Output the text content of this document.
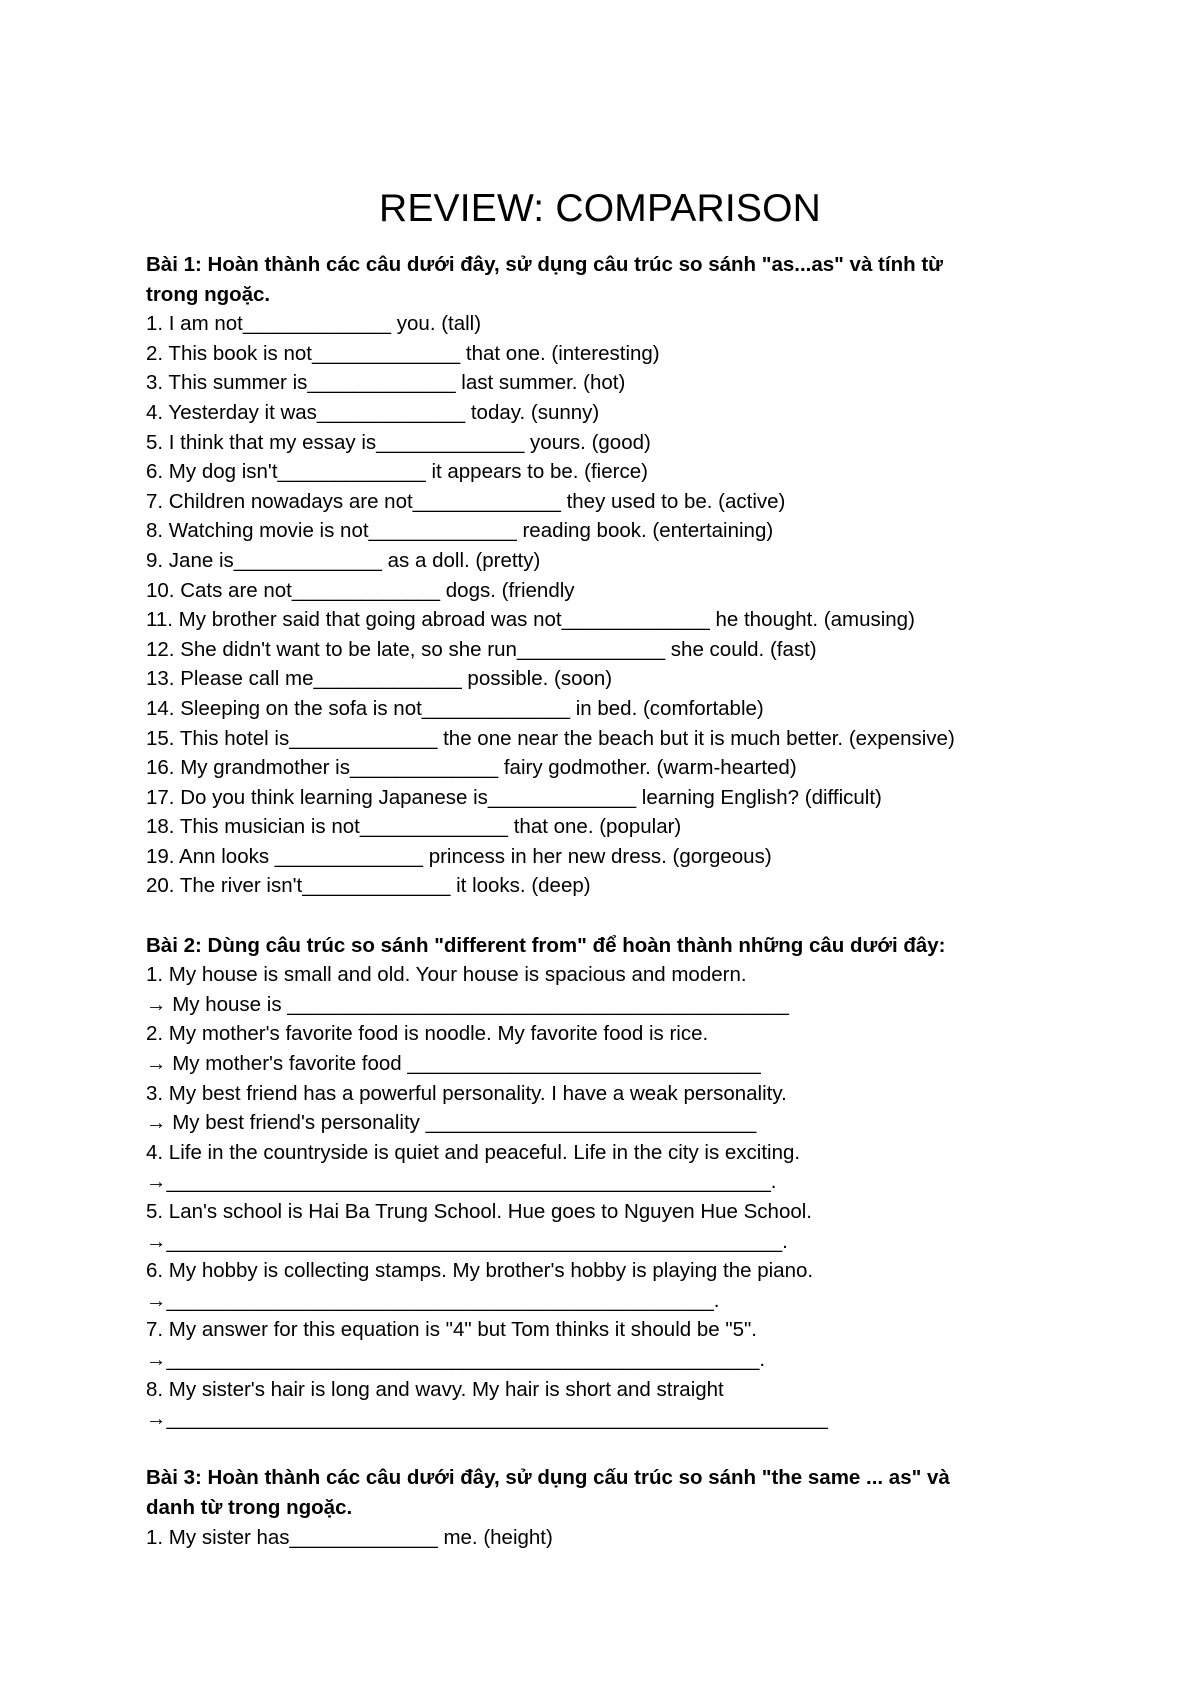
REVIEW: COMPARISON

Bài 1: Hoàn thành các câu dưới đây, sử dụng câu trúc so sánh "as...as" và tính từ

trong ngoặc.

1. I am not_____________ you. (tall)

2. This book is not_____________ that one. (interesting)

3. This summer is_____________ last summer. (hot)

4. Yesterday it was_____________ today. (sunny)

5. I think that my essay is_____________ yours. (good)

6. My dog isn't_____________ it appears to be. (fierce)

7. Children nowadays are not_____________ they used to be. (active)

8. Watching movie is not_____________ reading book. (entertaining)

9. Jane is_____________ as a doll. (pretty)

10. Cats are not_____________ dogs. (friendly

11. My brother said that going abroad was not_____________ he thought. (amusing)

12. She didn't want to be late, so she run_____________ she could. (fast)

13. Please call me_____________ possible. (soon)

14. Sleeping on the sofa is not_____________ in bed. (comfortable)

15. This hotel is_____________ the one near the beach but it is much better. (expensive)

16. My grandmother is_____________ fairy godmother. (warm-hearted)

17. Do you think learning Japanese is_____________ learning English? (difficult)

18. This musician is not_____________ that one. (popular)

19. Ann looks _____________ princess in her new dress. (gorgeous)

20. The river isn't_____________ it looks. (deep)

Bài 2: Dùng câu trúc so sánh "different from" để hoàn thành những câu dưới đây:

1. My house is small and old. Your house is spacious and modern.

→ My house is ____________________________________________

2. My mother's favorite food is noodle. My favorite food is rice.

→ My mother's favorite food _______________________________

3. My best friend has a powerful personality. I have a weak personality.

→ My best friend's personality _____________________________

4. Life in the countryside is quiet and peaceful. Life in the city is exciting.

→_____________________________________________________.

5. Lan's school is Hai Ba Trung School. Hue goes to Nguyen Hue School.

→______________________________________________________.

6. My hobby is collecting stamps. My brother's hobby is playing the piano.

→________________________________________________.

7. My answer for this equation is "4" but Tom thinks it should be "5".

→____________________________________________________.

8. My sister's hair is long and wavy. My hair is short and straight

→__________________________________________________________

Bài 3: Hoàn thành các câu dưới đây, sử dụng cấu trúc so sánh "the same ... as" và

danh từ trong ngoặc.

1. My sister has_____________ me. (height)
